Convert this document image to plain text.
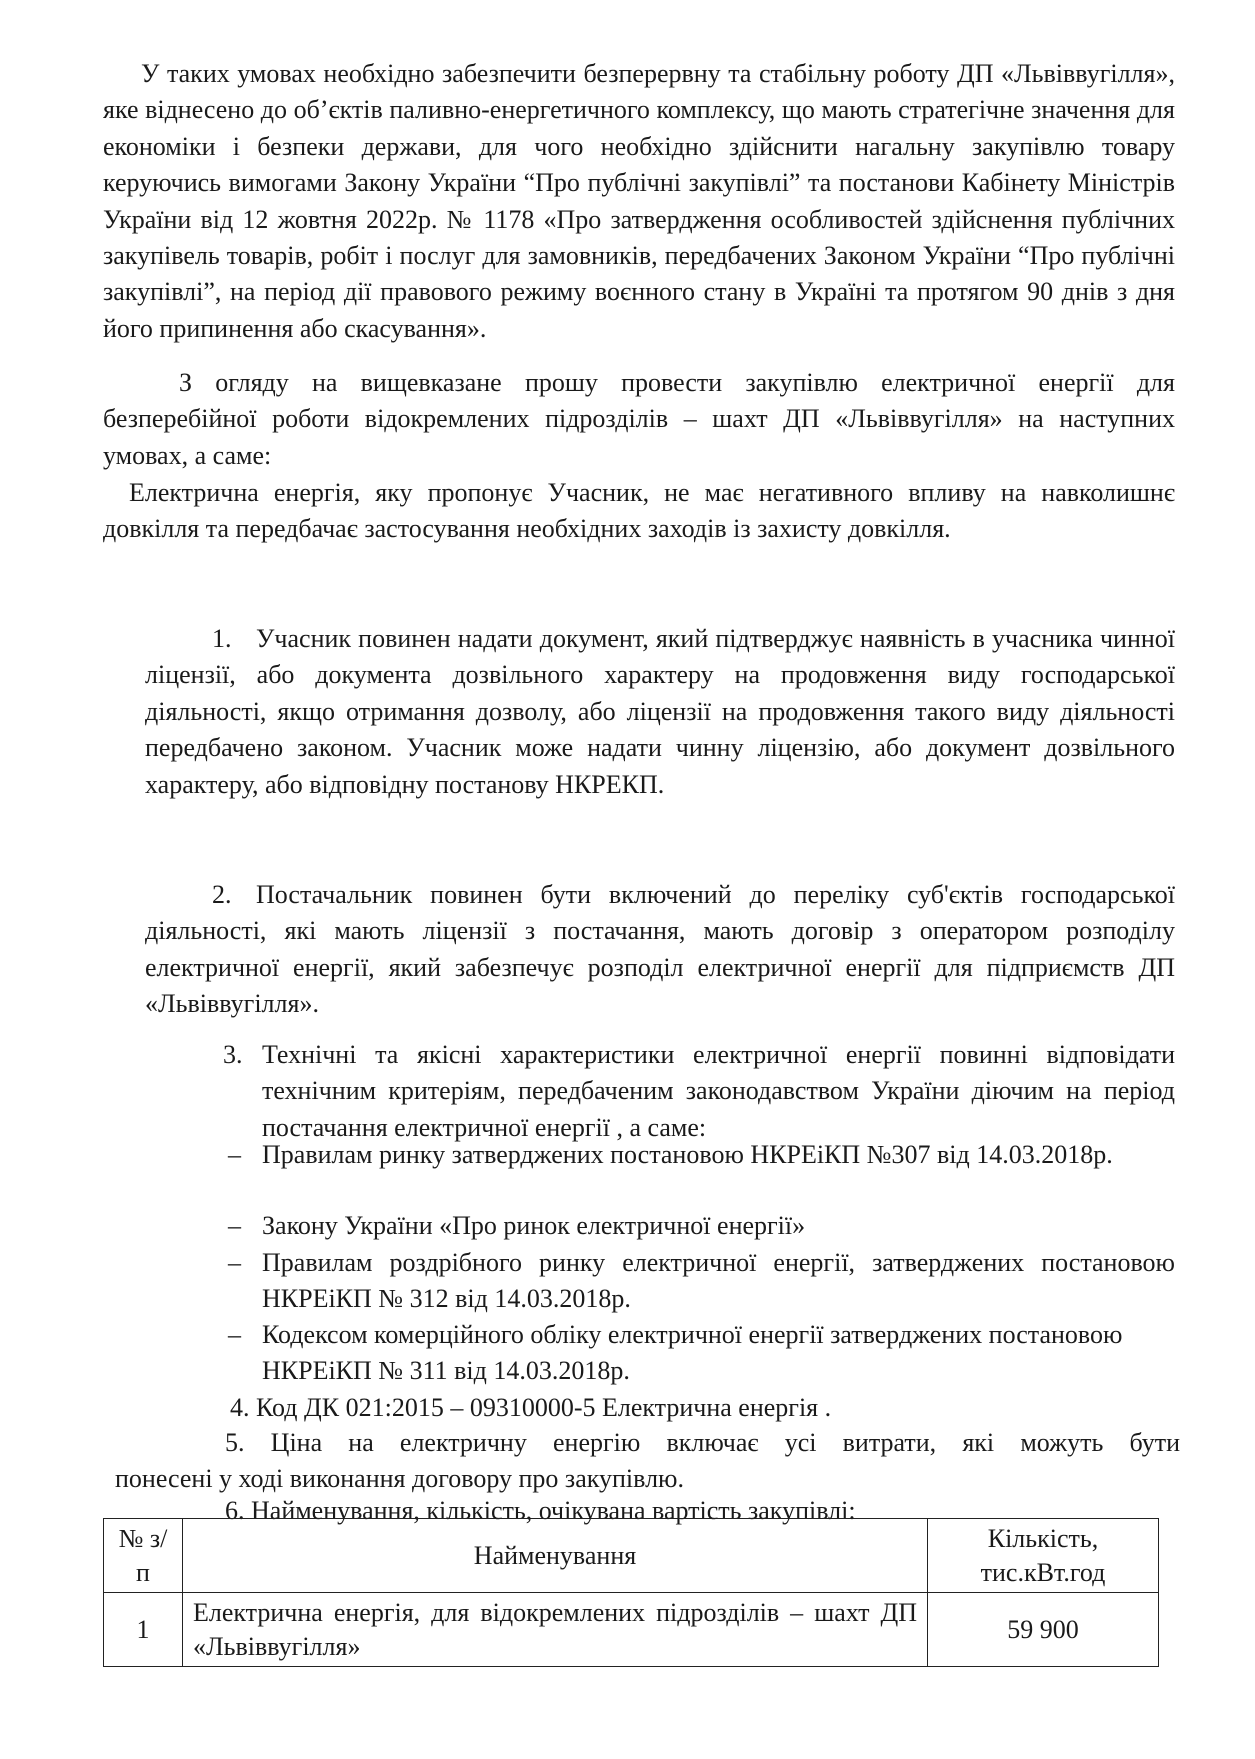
У таких умовах необхідно забезпечити безперервну та стабільну роботу ДП «Львіввугілля», яке віднесено до об’єктів паливно-енергетичного комплексу, що мають стратегічне значення для економіки і безпеки держави, для чого необхідно здійснити нагальну закупівлю товару керуючись вимогами Закону України “Про публічні закупівлі” та постанови Кабінету Міністрів України від 12 жовтня 2022р. № 1178 «Про затвердження особливостей здійснення публічних закупівель товарів, робіт і послуг для замовників, передбачених Законом України “Про публічні закупівлі”, на період дії правового режиму воєнного стану в Україні та протягом 90 днів з дня його припинення або скасування».

З огляду на вищевказане прошу провести закупівлю електричної енергії для безперебійної роботи відокремлених підрозділів – шахт ДП «Львіввугілля» на наступних умовах, а саме:

Електрична енергія, яку пропонує Учасник, не має негативного впливу на навколишнє довкілля та передбачає застосування необхідних заходів із захисту довкілля.

1. Учасник повинен надати документ, який підтверджує наявність в учасника чинної ліцензії, або документа дозвільного характеру на продовження виду господарської діяльності, якщо отримання дозволу, або ліцензії на продовження такого виду діяльності передбачено законом. Учасник може надати чинну ліцензію, або документ дозвільного характеру, або відповідну постанову НКРЕКП.

2. Постачальник повинен бути включений до переліку суб'єктів господарської діяльності, які мають ліцензії з постачання, мають договір з оператором розподілу електричної енергії, який забезпечує розподіл електричної енергії для підприємств ДП «Львіввугілля».

3. Технічні та якісні характеристики електричної енергії повинні відповідати технічним критеріям, передбаченим законодавством України діючим на період постачання електричної енергії , а саме:

– Правилам ринку затверджених постановою НКРЕіКП №307 від 14.03.2018р.

– Закону України «Про ринок електричної енергії»

– Правилам роздрібного ринку електричної енергії, затверджених постановою НКРЕіКП № 312 від 14.03.2018р.

– Кодексом комерційного обліку електричної енергії затверджених постановою НКРЕіКП № 311 від 14.03.2018р.

4. Код ДК 021:2015 – 09310000-5 Електрична енергія .

5. Ціна на електричну енергію включає усі витрати, які можуть бути

понесені у ході виконання договору про закупівлю.

6. Найменування, кількість, очікувана вартість закупівлі:

№ з/п	Найменування	Кількість, тис.кВт.год
1	Електрична енергія, для відокремлених підрозділів – шахт ДП «Львіввугілля»	59 900
